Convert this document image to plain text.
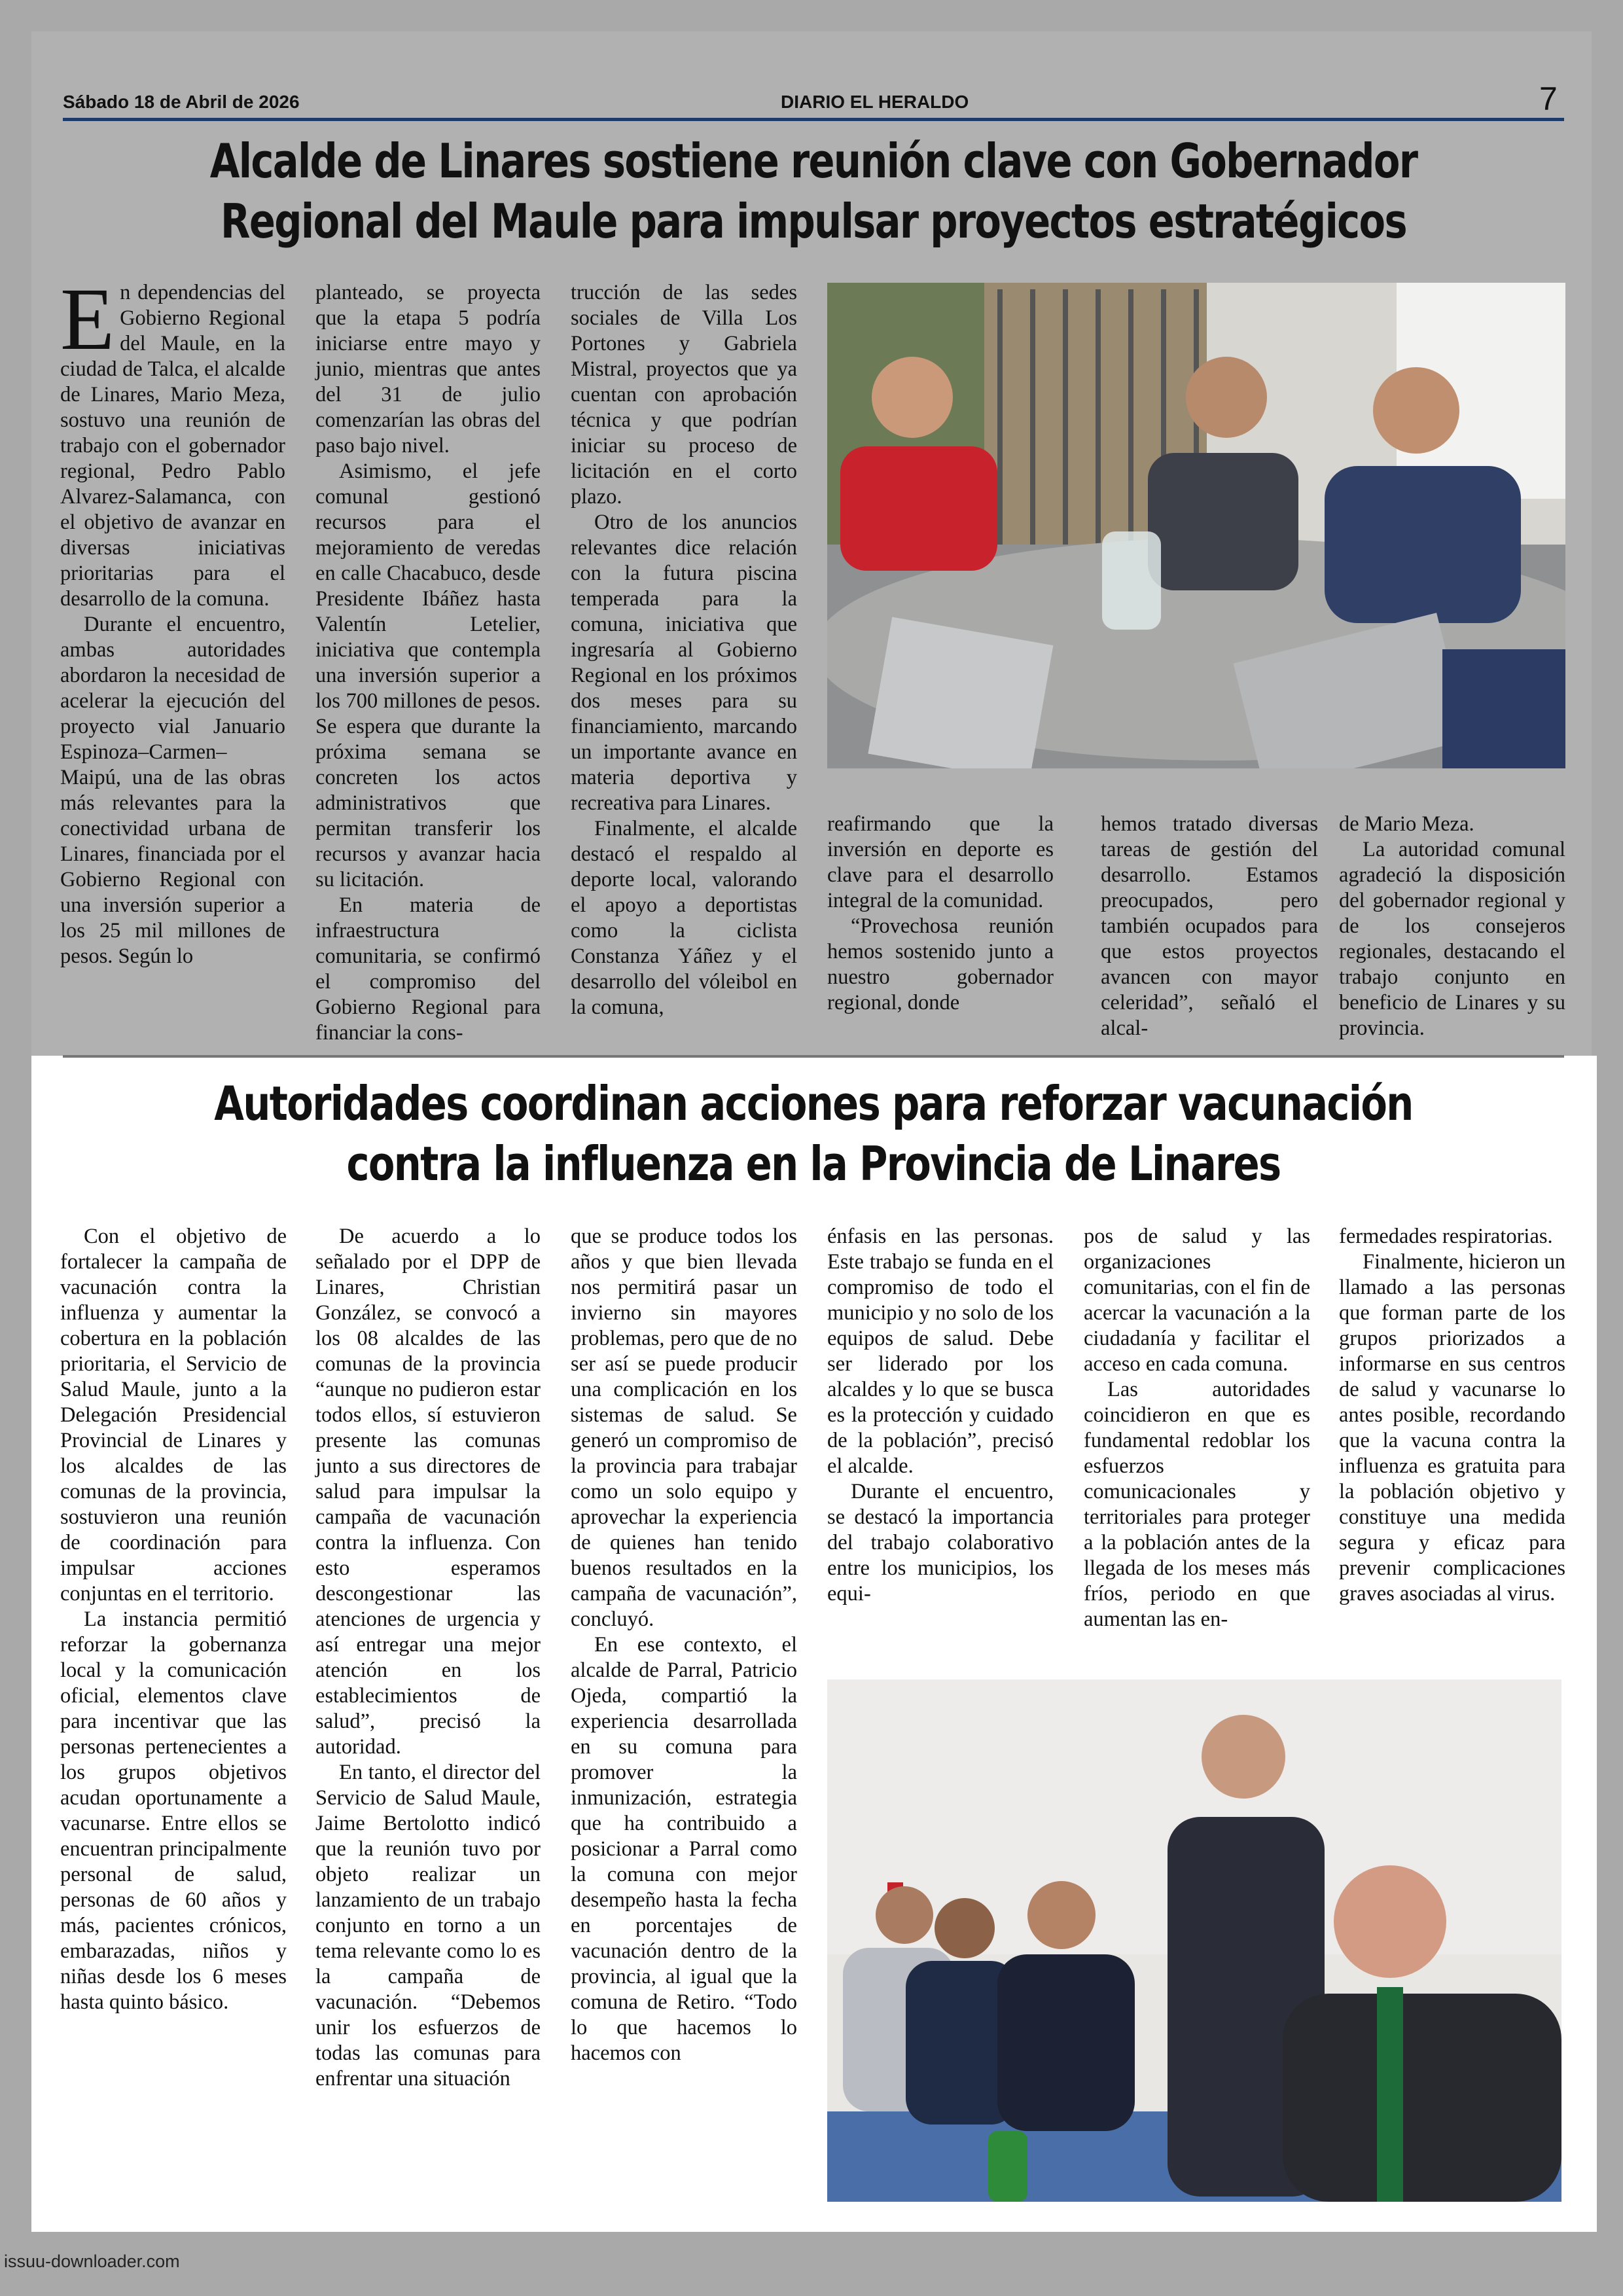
Sábado 18 de Abril de 2026	DIARIO EL HERALDO	7
Alcalde de Linares sostiene reunión clave con Gobernador
Regional del Maule para impulsar proyectos estratégicos

En dependencias del Gobierno Regional del Maule, en la ciudad de Talca, el alcalde de Linares, Mario Meza, sostuvo una reunión de trabajo con el gobernador regional, Pedro Pablo Alvarez-Salamanca, con el objetivo de avanzar en diversas iniciativas prioritarias para el desarrollo de la comuna.

Durante el encuentro, ambas autoridades abordaron la necesidad de acelerar la ejecución del proyecto vial Januario Espinoza–Carmen–Maipú, una de las obras más relevantes para la conectividad urbana de Linares, financiada por el Gobierno Regional con una inversión superior a los 25 mil millones de pesos. Según lo

planteado, se proyecta que la etapa 5 podría iniciarse entre mayo y junio, mientras que antes del 31 de julio comenzarían las obras del paso bajo nivel.

Asimismo, el jefe comunal gestionó recursos para el mejoramiento de veredas en calle Chacabuco, desde Presidente Ibáñez hasta Valentín Letelier, iniciativa que contempla una inversión superior a los 700 millones de pesos. Se espera que durante la próxima semana se concreten los actos administrativos que permitan transferir los recursos y avanzar hacia su licitación.

En materia de infraestructura comunitaria, se confirmó el compromiso del Gobierno Regional para financiar la cons-

trucción de las sedes sociales de Villa Los Portones y Gabriela Mistral, proyectos que ya cuentan con aprobación técnica y que podrían iniciar su proceso de licitación en el corto plazo.

Otro de los anuncios relevantes dice relación con la futura piscina temperada para la comuna, iniciativa que ingresaría al Gobierno Regional en los próximos dos meses para su financiamiento, marcando un importante avance en materia deportiva y recreativa para Linares.

Finalmente, el alcalde destacó el respaldo al deporte local, valorando el apoyo a deportistas como la ciclista Constanza Yáñez y el desarrollo del vóleibol en la comuna,

reafirmando que la inversión en deporte es clave para el desarrollo integral de la comunidad.

“Provechosa reunión hemos sostenido junto a nuestro gobernador regional, donde

hemos tratado diversas tareas de gestión del desarrollo. Estamos preocupados, pero también ocupados para que estos proyectos avancen con mayor celeridad”, señaló el alcal-

de Mario Meza.

La autoridad comunal agradeció la disposición del gobernador regional y de los consejeros regionales, destacando el trabajo conjunto en beneficio de Linares y su provincia.

Autoridades coordinan acciones para reforzar vacunación
contra la influenza en la Provincia de Linares

Con el objetivo de fortalecer la campaña de vacunación contra la influenza y aumentar la cobertura en la población prioritaria, el Servicio de Salud Maule, junto a la Delegación Presidencial Provincial de Linares y los alcaldes de las comunas de la provincia, sostuvieron una reunión de coordinación para impulsar acciones conjuntas en el territorio.

La instancia permitió reforzar la gobernanza local y la comunicación oficial, elementos clave para incentivar que las personas pertenecientes a los grupos objetivos acudan oportunamente a vacunarse. Entre ellos se encuentran principalmente personal de salud, personas de 60 años y más, pacientes crónicos, embarazadas, niños y niñas desde los 6 meses hasta quinto básico.

De acuerdo a lo señalado por el DPP de Linares, Christian González, se convocó a los 08 alcaldes de las comunas de la provincia “aunque no pudieron estar todos ellos, sí estuvieron presente las comunas junto a sus directores de salud para impulsar la campaña de vacunación contra la influenza. Con esto esperamos descongestionar las atenciones de urgencia y así entregar una mejor atención en los establecimientos de salud”, precisó la autoridad.

En tanto, el director del Servicio de Salud Maule, Jaime Bertolotto indicó que la reunión tuvo por objeto realizar un lanzamiento de un trabajo conjunto en torno a un tema relevante como lo es la campaña de vacunación. “Debemos unir los esfuerzos de todas las comunas para enfrentar una situación

que se produce todos los años y que bien llevada nos permitirá pasar un invierno sin mayores problemas, pero que de no ser así se puede producir una complicación en los sistemas de salud. Se generó un compromiso de la provincia para trabajar como un solo equipo y aprovechar la experiencia de quienes han tenido buenos resultados en la campaña de vacunación”, concluyó.

En ese contexto, el alcalde de Parral, Patricio Ojeda, compartió la experiencia desarrollada en su comuna para promover la inmunización, estrategia que ha contribuido a posicionar a Parral como la comuna con mejor desempeño hasta la fecha en porcentajes de vacunación dentro de la provincia, al igual que la comuna de Retiro. “Todo lo que hacemos lo hacemos con

énfasis en las personas. Este trabajo se funda en el compromiso de todo el municipio y no solo de los equipos de salud. Debe ser liderado por los alcaldes y lo que se busca es la protección y cuidado de la población”, precisó el alcalde.

Durante el encuentro, se destacó la importancia del trabajo colaborativo entre los municipios, los equi-

pos de salud y las organizaciones comunitarias, con el fin de acercar la vacunación a la ciudadanía y facilitar el acceso en cada comuna.

Las autoridades coincidieron en que es fundamental redoblar los esfuerzos comunicacionales y territoriales para proteger a la población antes de la llegada de los meses más fríos, periodo en que aumentan las en-

fermedades respiratorias.

Finalmente, hicieron un llamado a las personas que forman parte de los grupos priorizados a informarse en sus centros de salud y vacunarse lo antes posible, recordando que la vacuna contra la influenza es gratuita para la población objetivo y constituye una medida segura y eficaz para prevenir complicaciones graves asociadas al virus.

issuu-downloader.com
